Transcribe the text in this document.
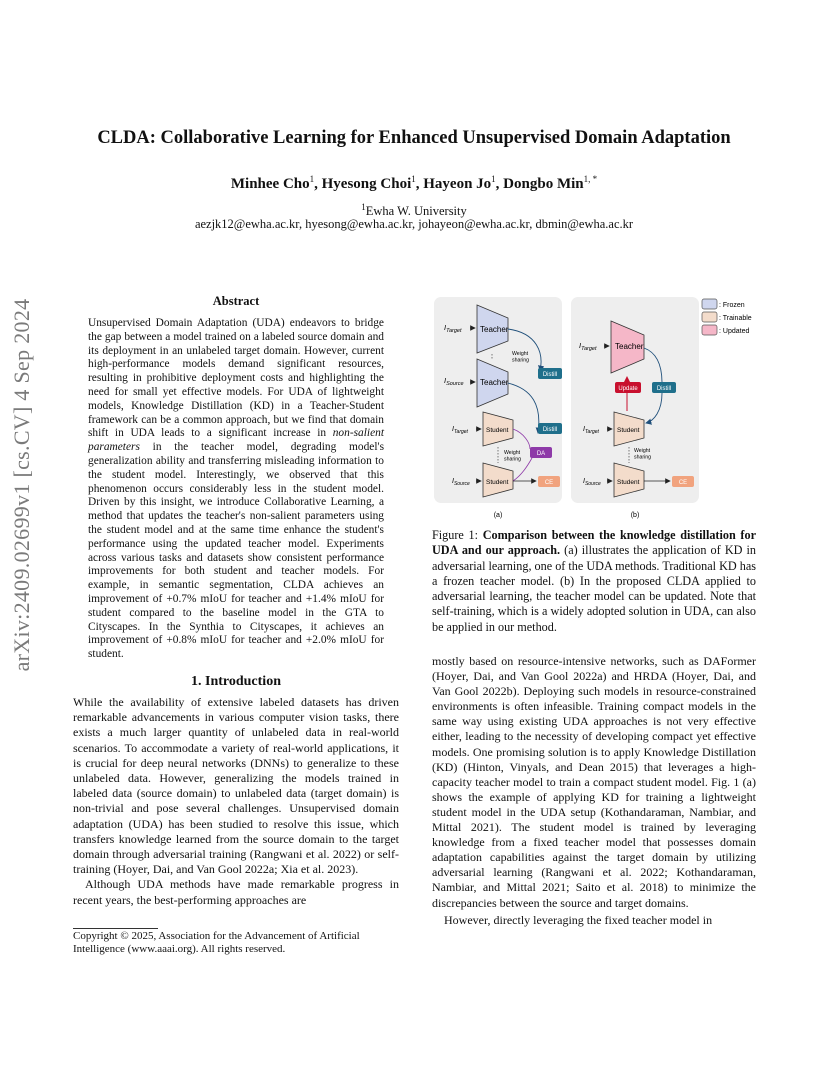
CLDA: Collaborative Learning for Enhanced Unsupervised Domain Adaptation
Minhee Cho$^1$, Hyesong Choi$^1$, Hayeon Jo$^1$, Dongbo Min$^{1, *}$
$^1$Ewha W. University
aezjk12@ewha.ac.kr, hyesong@ewha.ac.kr, johayeon@ewha.ac.kr, dbmin@ewha.ac.kr
arXiv:2409.02699v1 [cs.CV] 4 Sep 2024	Abstract
Unsupervised Domain Adaptation (UDA) endeavors to bridge the gap between a model trained on a labeled source domain and its deployment in an unlabeled target domain. However, current high-performance models demand significant resources, resulting in prohibitive deployment costs and highlighting the need for small yet effective models. For UDA of lightweight models, Knowledge Distillation (KD) in a Teacher-Student framework can be a common approach, but we find that domain shift in UDA leads to a significant increase in non-salient parameters in the teacher model, degrading model's generalization ability and transferring misleading information to the student model. Interestingly, we observed that this phenomenon occurs considerably less in the student model. Driven by this insight, we introduce Collaborative Learning, a method that updates the teacher's non-salient parameters using the student model and at the same time enhance the student's performance using the updated teacher model. Experiments across various tasks and datasets show consistent performance improvements for both student and teacher models. For example, in semantic segmentation, CLDA achieves an improvement of +0.7% mIoU for teacher and +1.4% mIoU for student compared to the baseline model in the GTA to Cityscapes. In the Synthia to Cityscapes, it achieves an improvement of +0.8% mIoU for teacher and +2.0% mIoU for student.
1. Introduction

While the availability of extensive labeled datasets has driven remarkable advancements in various computer vision tasks, there exists a much larger quantity of unlabeled data in real-world scenarios. To accommodate a variety of real-world applications, it is crucial for deep neural networks (DNNs) to generalize to these unlabeled data. However, generalizing the models trained in labeled data (source domain) to unlabeled data (target domain) is non-trivial and pose several challenges. Unsupervised domain adaptation (UDA) has been studied to resolve this issue, which transfers knowledge learned from the source domain to the target domain through adversarial training (Rangwani et al. 2022) or self-training (Hoyer, Dai, and Van Gool 2022a; Xia et al. 2023).

Although UDA methods have made remarkable progress in recent years, the best-performing approaches are

Copyright © 2025, Association for the Advancement of Artificial Intelligence (www.aaai.org). All rights reserved.
: Frozen
: Trainable
: Updated
$I_{Target}$ Teacher
$I_{Source}$ Teacher
Weight sharing
Distill
Distill
$I_{Target}$	Student
$I_{Source}$ Student
Weight sharing
DA
CE
(a)
$I_{Target}$ Teacher
Update	Distill
$I_{Target}$	Student
$I_{Source}$ Student
Weight sharing
CE
(b)
Figure 1: Comparison between the knowledge distillation for UDA and our approach. (a) illustrates the application of KD in adversarial learning, one of the UDA methods. Traditional KD has a frozen teacher model. (b) In the proposed CLDA applied to adversarial learning, the teacher model can be updated. Note that self-training, which is a widely adopted solution in UDA, can also be applied in our method.

mostly based on resource-intensive networks, such as DAFormer (Hoyer, Dai, and Van Gool 2022a) and HRDA (Hoyer, Dai, and Van Gool 2022b). Deploying such models in resource-constrained environments is often infeasible. Training compact models in the same way using existing UDA approaches is not very effective either, leading to the necessity of developing compact yet effective models. One promising solution is to apply Knowledge Distillation (KD) (Hinton, Vinyals, and Dean 2015) that leverages a high-capacity teacher model to train a compact student model. Fig. 1 (a) shows the example of applying KD for training a lightweight student model in the UDA setup (Kothandaraman, Nambiar, and Mittal 2021). The student model is trained by leveraging knowledge from a fixed teacher model that possesses domain adaptation capabilities against the target domain by utilizing adversarial learning (Rangwani et al. 2022; Kothandaraman, Nambiar, and Mittal 2021; Saito et al. 2018) to minimize the discrepancies between the source and target domains.

However, directly leveraging the fixed teacher model in
